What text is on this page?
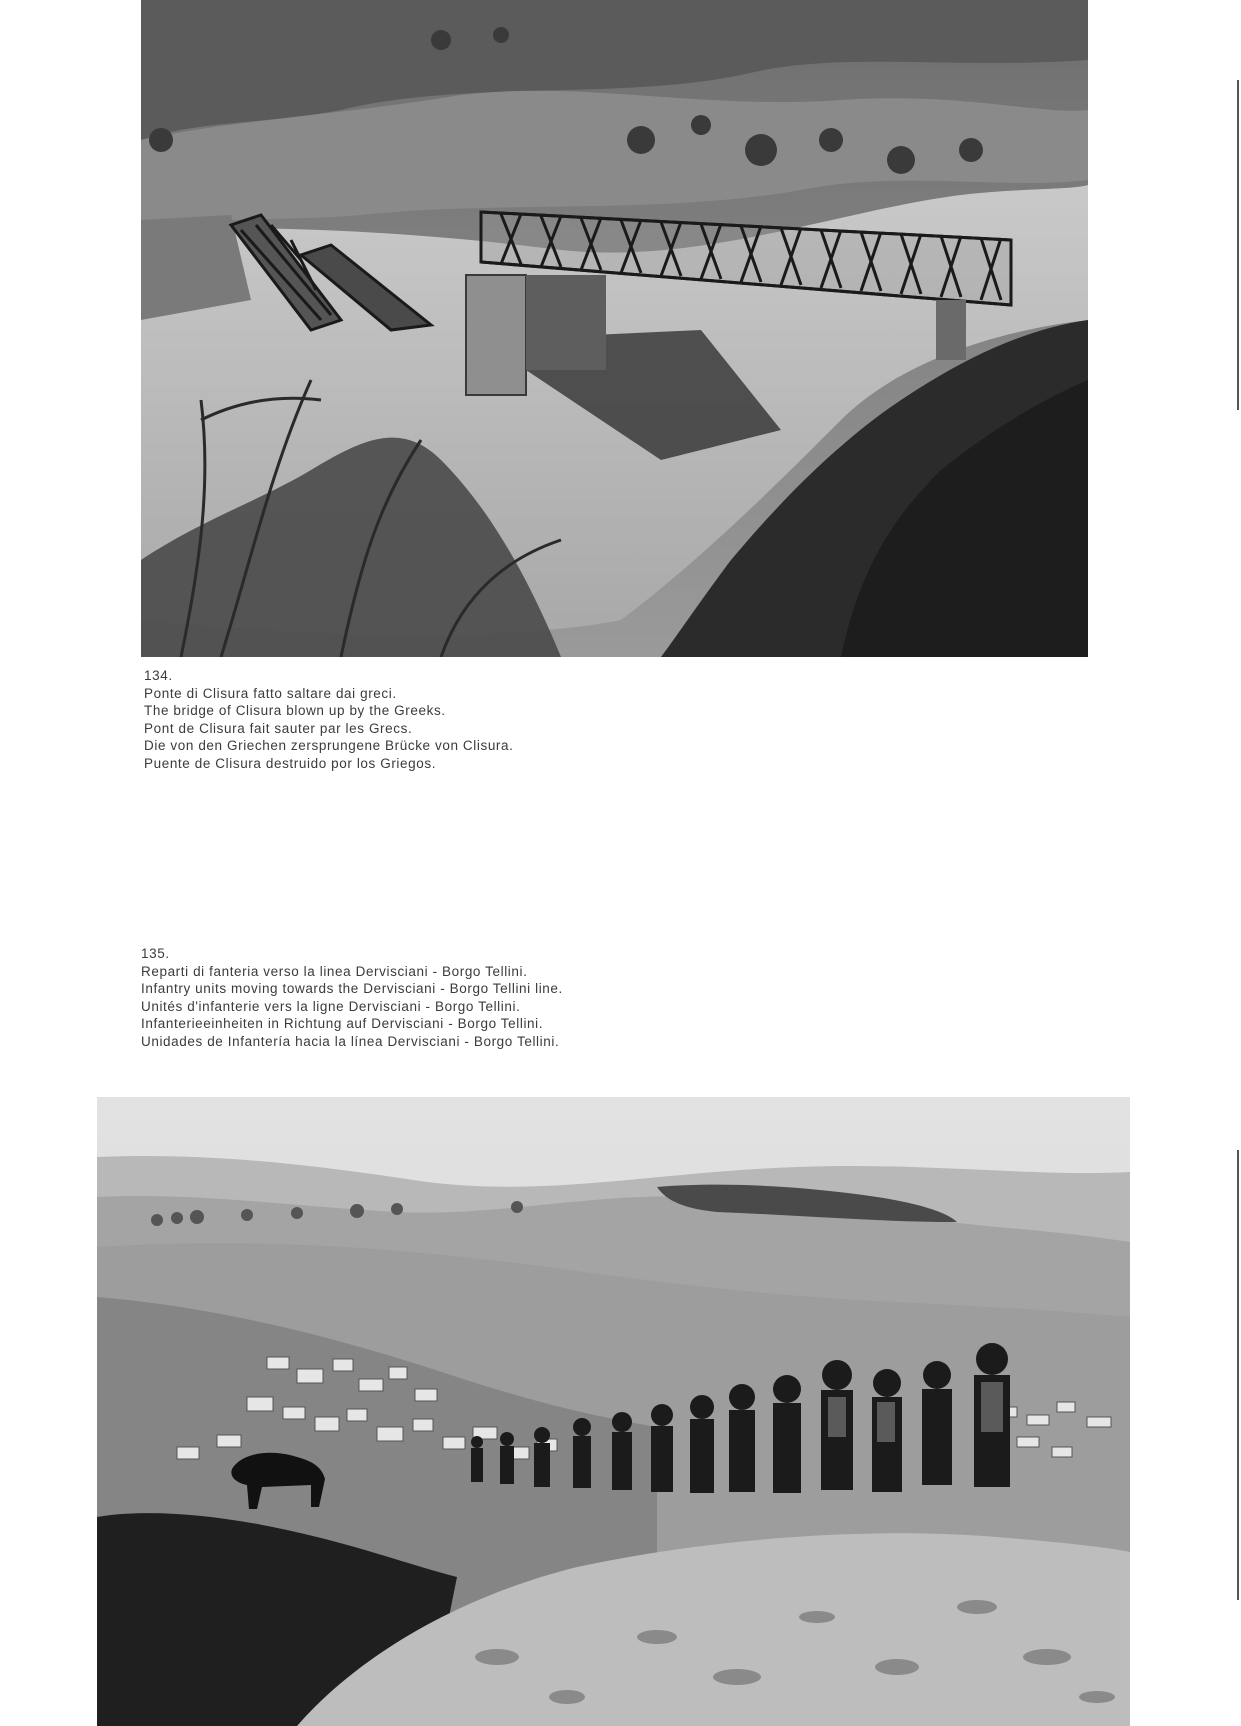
134.
Ponte di Clisura fatto saltare dai greci.
The bridge of Clisura blown up by the Greeks.
Pont de Clisura fait sauter par les Grecs.
Die von den Griechen zersprungene Brücke von Clisura.
Puente de Clisura destruido por los Griegos.
135.
Reparti di fanteria verso la linea Dervisciani - Borgo Tellini.
Infantry units moving towards the Dervisciani - Borgo Tellini line.
Unités d'infanterie vers la ligne Dervisciani - Borgo Tellini.
Infanterieeinheiten in Richtung auf Dervisciani - Borgo Tellini.
Unidades de Infantería hacia la línea Dervisciani - Borgo Tellini.
